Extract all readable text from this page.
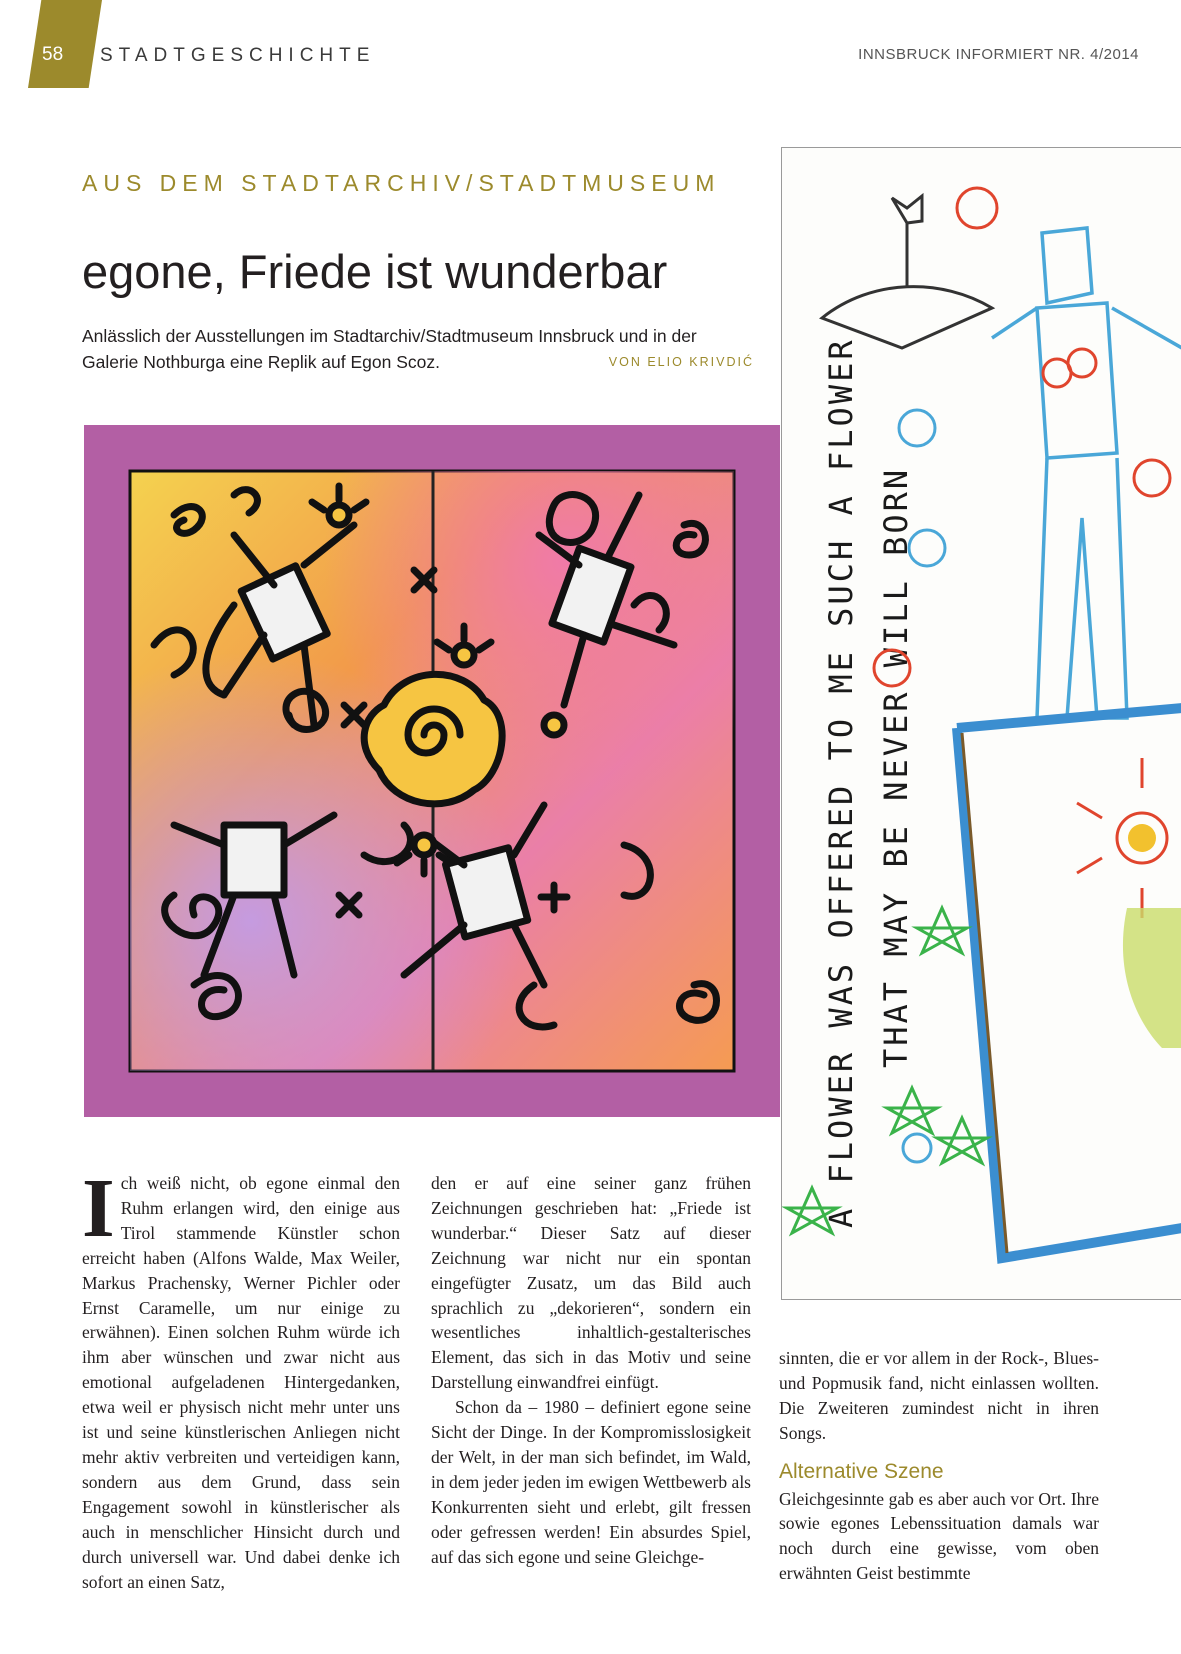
58 STADTGESCHICHTE	INNSBRUCK INFORMIERT NR. 4/2014
AUS DEM STADTARCHIV/STADTMUSEUM
egone, Friede ist wunderbar
Anlässlich der Ausstellungen im Stadtarchiv/Stadtmuseum Innsbruck und in der Galerie Nothburga eine Replik auf Egon Scoz.	VON ELIO KRIVDIĆ A FLOWER WAS OFFERED TO ME SUCH A FLOWER THAT MAY BE NEVER WILL BORN

Ich weiß nicht, ob egone einmal den Ruhm erlangen wird, den einige aus Tirol stammende Künstler schon erreicht haben (Alfons Walde, Max Weiler, Markus Prachensky, Werner Pichler oder Ernst Caramelle, um nur einige zu erwähnen). Einen solchen Ruhm würde ich ihm aber wünschen und zwar nicht aus emotional aufgeladenen Hintergedanken, etwa weil er physisch nicht mehr unter uns ist und seine künstlerischen Anliegen nicht mehr aktiv verbreiten und verteidigen kann, sondern aus dem Grund, dass sein Engagement sowohl in künstlerischer als auch in menschlicher Hinsicht durch und durch universell war. Und dabei denke ich sofort an einen Satz,

den er auf eine seiner ganz frühen Zeichnungen geschrieben hat: „Friede ist wunderbar.“ Dieser Satz auf dieser Zeichnung war nicht nur ein spontan eingefügter Zusatz, um das Bild auch sprachlich zu „dekorieren“, sondern ein wesentliches inhaltlich-gestalterisches Element, das sich in das Motiv und seine Darstellung einwandfrei einfügt.

Schon da – 1980 – definiert egone seine Sicht der Dinge. In der Kompromisslosigkeit der Welt, in der man sich befindet, im Wald, in dem jeder jeden im ewigen Wettbewerb als Konkurrenten sieht und erlebt, gilt fressen oder gefressen werden! Ein absurdes Spiel, auf das sich egone und seine Gleichge-

sinnten, die er vor allem in der Rock-, Blues- und Popmusik fand, nicht einlassen wollten. Die Zweiteren zumindest nicht in ihren Songs.

Alternative Szene

Gleichgesinnte gab es aber auch vor Ort. Ihre sowie egones Lebenssituation damals war noch durch eine gewisse, vom oben erwähnten Geist bestimmte
